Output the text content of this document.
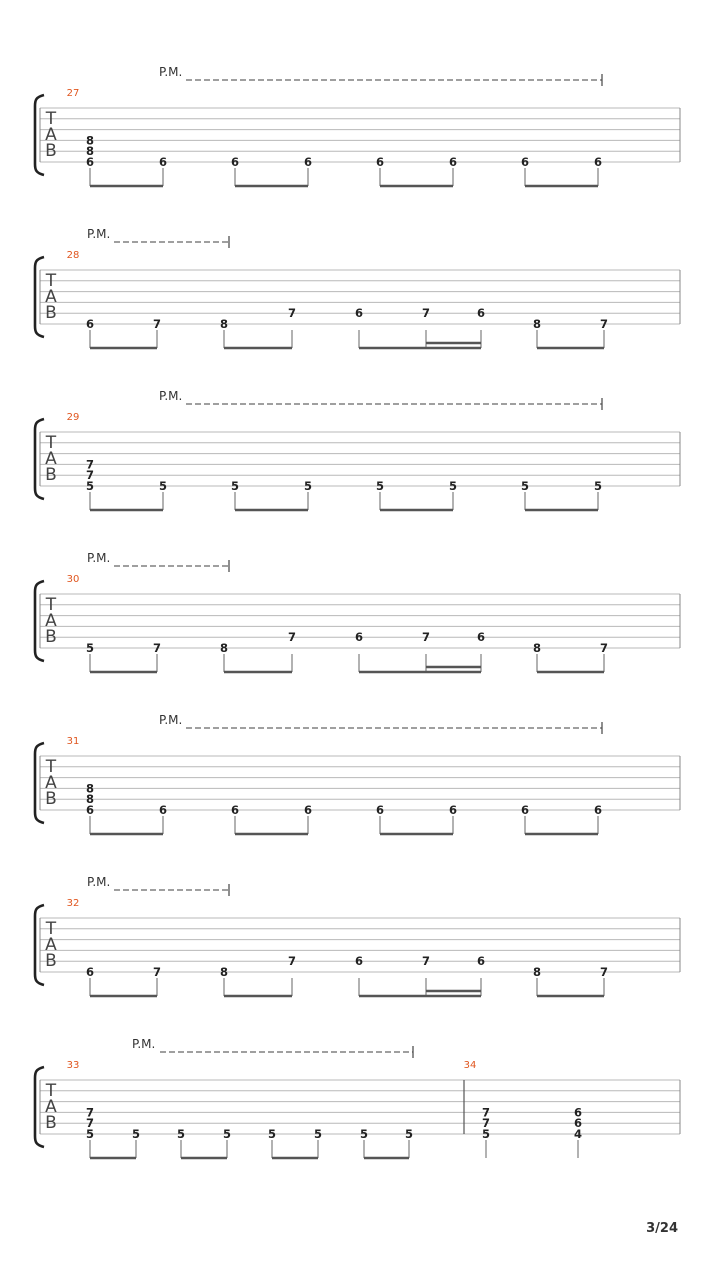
P.M.
T
A
B
27
8
8
6	6	6	6	6	6	6	6
P.M.
T
A
B
28
6	7	8
7	6	7	6
8	7
P.M.
T
A
B
29
7
7
5	5	5	5	5	5	5	5
P.M.
T
A
B
30
5	7	8
7	6	7	6
8	7
P.M.
T
A
B
31
8
8
6	6	6	6	6	6	6	6
P.M.
T
A
B
32
6	7	8
7	6	7	6
8	7
P.M.
T
A
B
33
7
7
5	5	5	5	5	5	5	5
34
7
7
5
6
6
4
3/24
